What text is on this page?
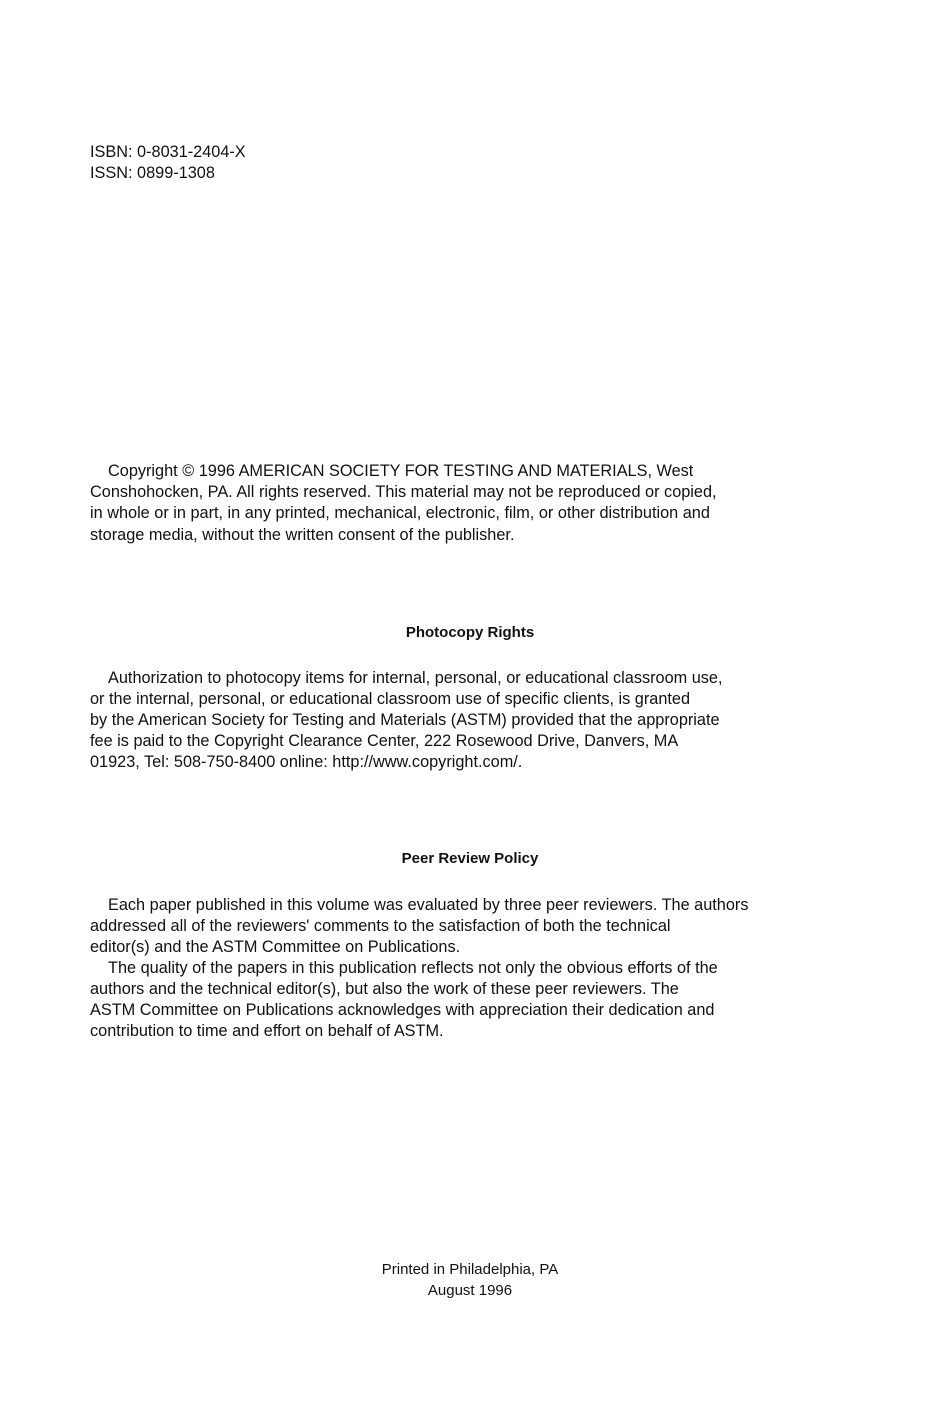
ISBN: 0-8031-2404-X
ISSN: 0899-1308
Copyright © 1996 AMERICAN SOCIETY FOR TESTING AND MATERIALS, West
Conshohocken, PA. All rights reserved. This material may not be reproduced or copied,
in whole or in part, in any printed, mechanical, electronic, film, or other distribution and
storage media, without the written consent of the publisher.
Photocopy Rights
Authorization to photocopy items for internal, personal, or educational classroom use,
or the internal, personal, or educational classroom use of specific clients, is granted
by the American Society for Testing and Materials (ASTM) provided that the appropriate
fee is paid to the Copyright Clearance Center, 222 Rosewood Drive, Danvers, MA
01923, Tel: 508-750-8400 online: http://www.copyright.com/.
Peer Review Policy
Each paper published in this volume was evaluated by three peer reviewers. The authors
addressed all of the reviewers' comments to the satisfaction of both the technical
editor(s) and the ASTM Committee on Publications.
The quality of the papers in this publication reflects not only the obvious efforts of the
authors and the technical editor(s), but also the work of these peer reviewers. The
ASTM Committee on Publications acknowledges with appreciation their dedication and
contribution to time and effort on behalf of ASTM.
Printed in Philadelphia, PA
August 1996
